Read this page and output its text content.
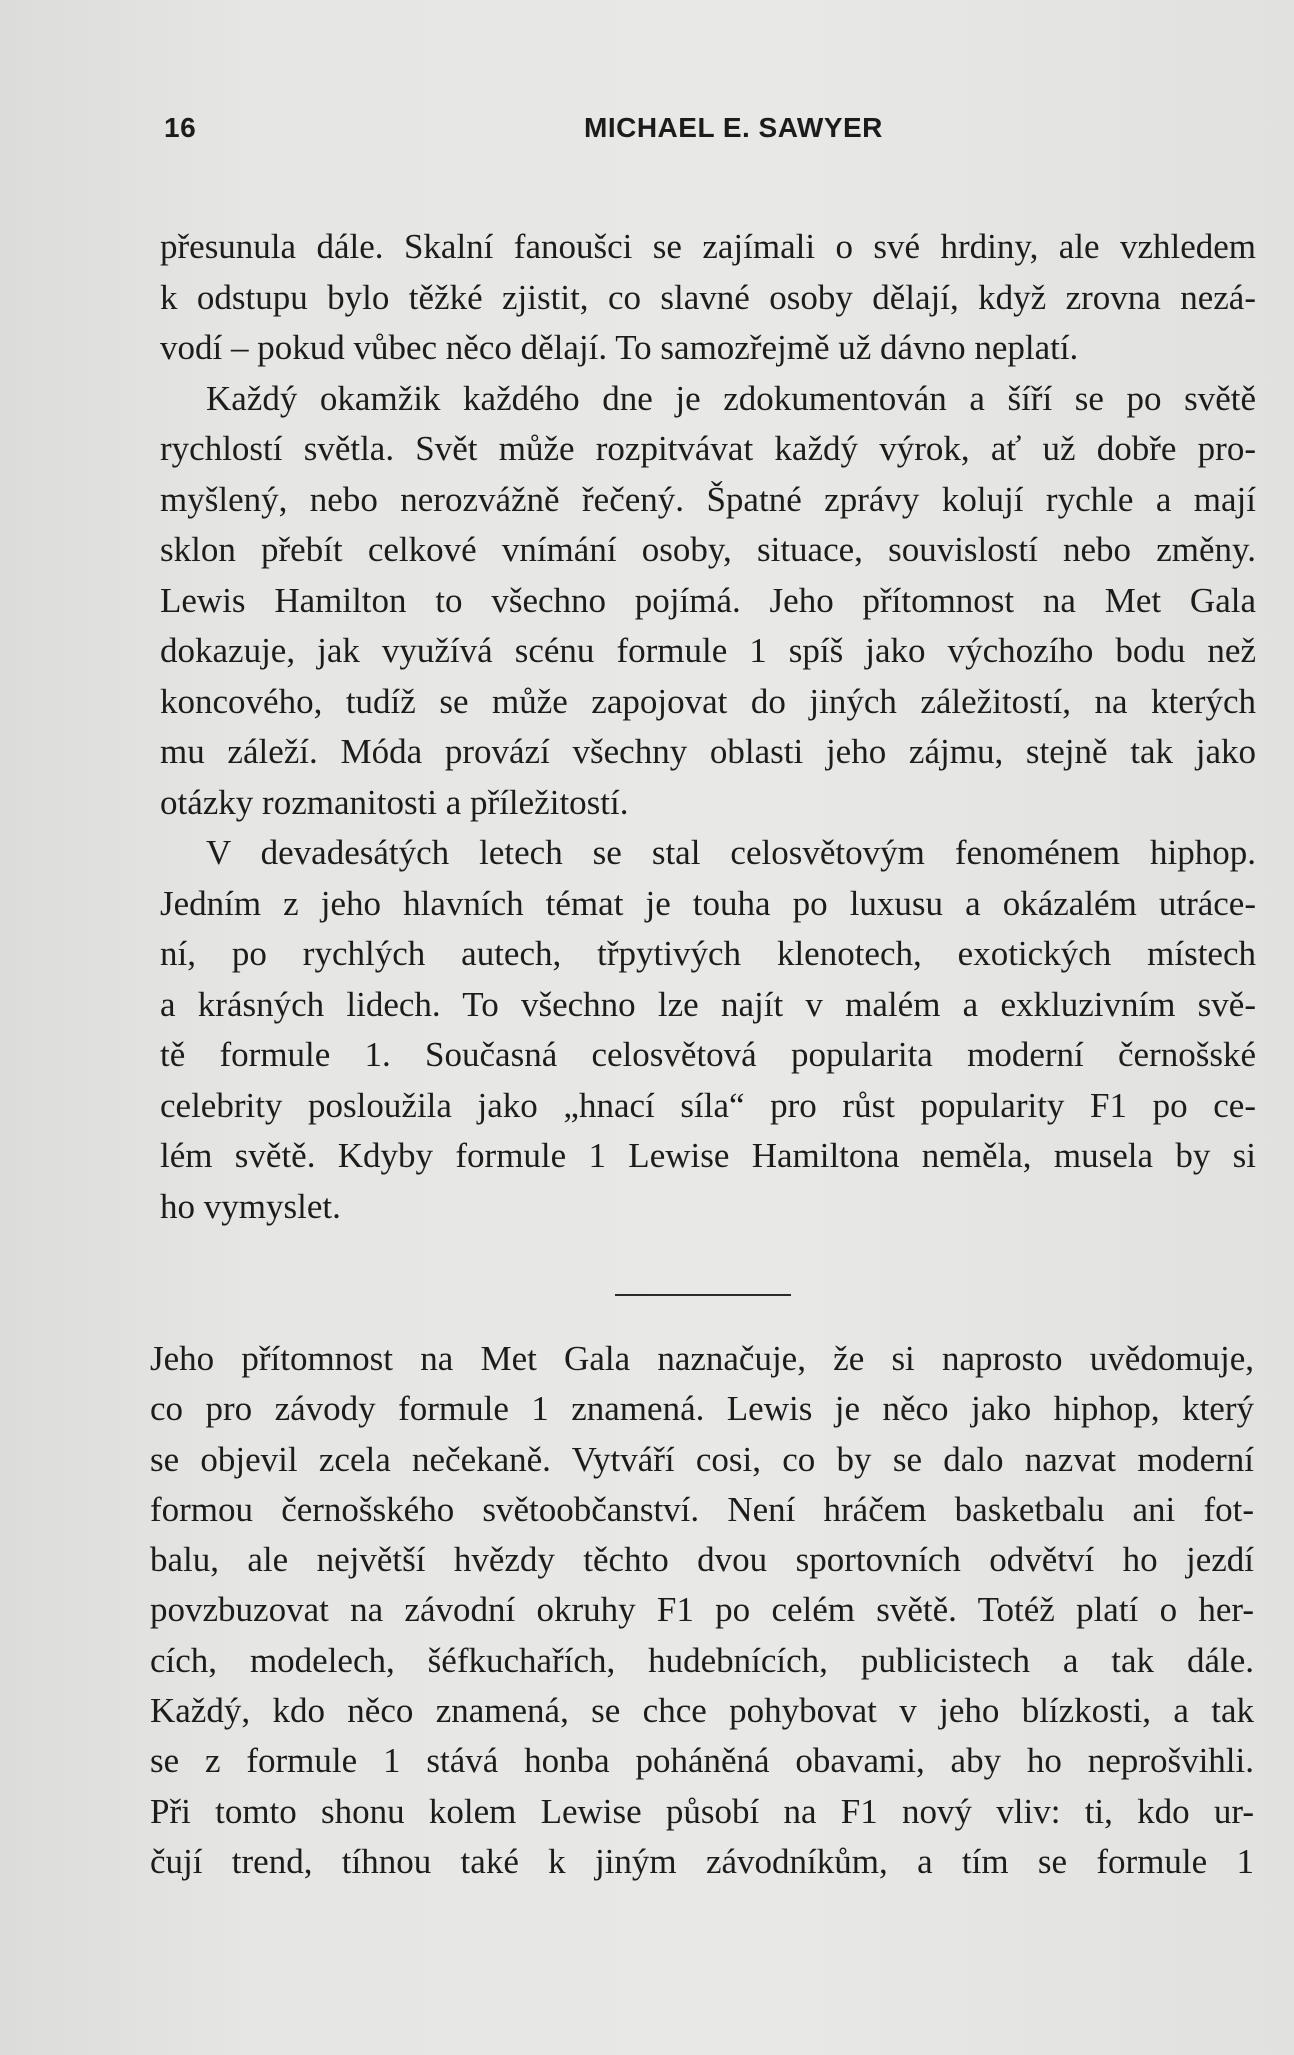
16	MICHAEL E. SAWYER
přesunula dále. Skalní fanoušci se zajímali o své hrdiny, ale vzhledem
k odstupu bylo těžké zjistit, co slavné osoby dělají, když zrovna nezá-
vodí – pokud vůbec něco dělají. To samozřejmě už dávno neplatí.
Každý okamžik každého dne je zdokumentován a šíří se po světě
rychlostí světla. Svět může rozpitvávat každý výrok, ať už dobře pro-
myšlený, nebo nerozvážně řečený. Špatné zprávy kolují rychle a mají
sklon přebít celkové vnímání osoby, situace, souvislostí nebo změny.
Lewis Hamilton to všechno pojímá. Jeho přítomnost na Met Gala
dokazuje, jak využívá scénu formule 1 spíš jako výchozího bodu než
koncového, tudíž se může zapojovat do jiných záležitostí, na kterých
mu záleží. Móda provází všechny oblasti jeho zájmu, stejně tak jako
otázky rozmanitosti a příležitostí.
V devadesátých letech se stal celosvětovým fenoménem hiphop.
Jedním z jeho hlavních témat je touha po luxusu a okázalém utráce-
ní, po rychlých autech, třpytivých klenotech, exotických místech
a krásných lidech. To všechno lze najít v malém a exkluzivním svě-
tě formule 1. Současná celosvětová popularita moderní černošské
celebrity posloužila jako „hnací síla“ pro růst popularity F1 po ce-
lém světě. Kdyby formule 1 Lewise Hamiltona neměla, musela by si
ho vymyslet.
Jeho přítomnost na Met Gala naznačuje, že si naprosto uvědomuje,
co pro závody formule 1 znamená. Lewis je něco jako hiphop, který
se objevil zcela nečekaně. Vytváří cosi, co by se dalo nazvat moderní
formou černošského světoobčanství. Není hráčem basketbalu ani fot-
balu, ale největší hvězdy těchto dvou sportovních odvětví ho jezdí
povzbuzovat na závodní okruhy F1 po celém světě. Totéž platí o her-
cích, modelech, šéfkuchařích, hudebnících, publicistech a tak dále.
Každý, kdo něco znamená, se chce pohybovat v jeho blízkosti, a tak
se z formule 1 stává honba poháněná obavami, aby ho neprošvihli.
Při tomto shonu kolem Lewise působí na F1 nový vliv: ti, kdo ur-
čují trend, tíhnou také k jiným závodníkům, a tím se formule 1
